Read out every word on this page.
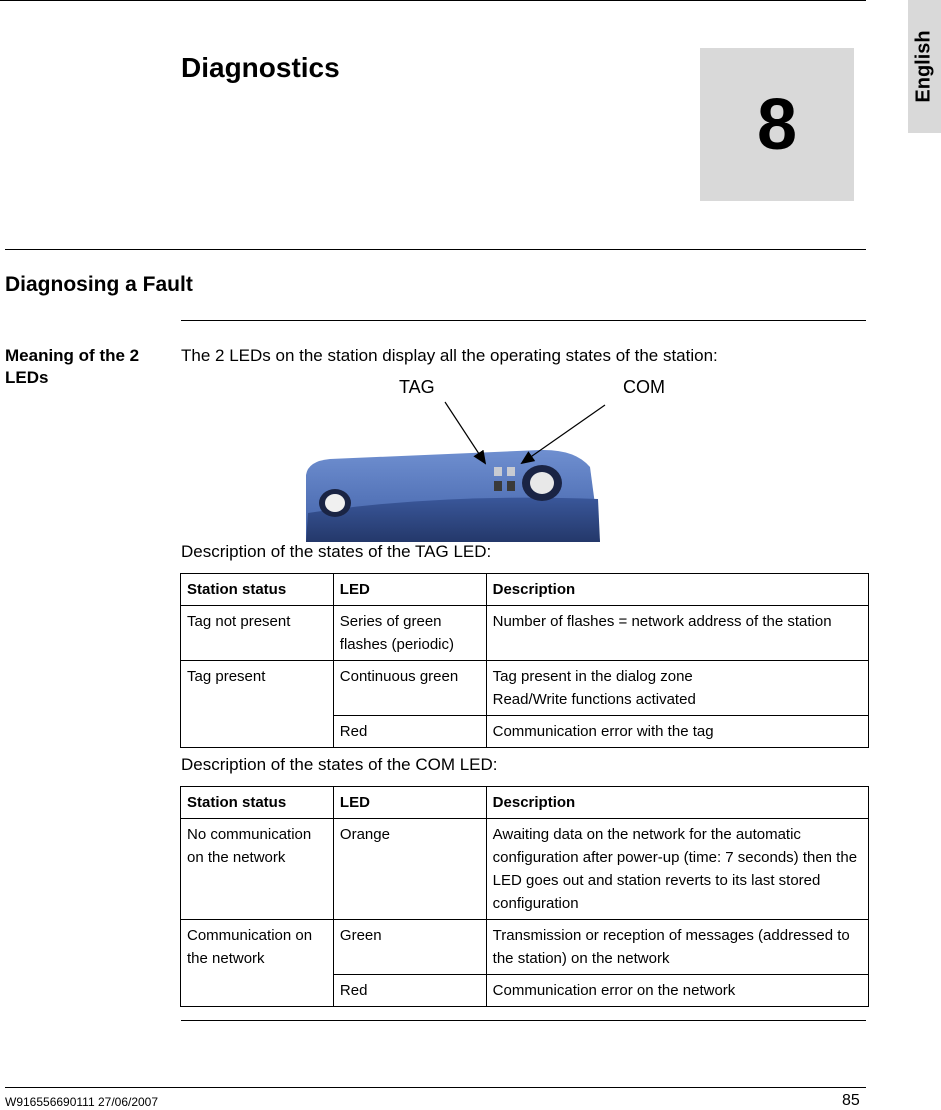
English
Diagnostics
8
Diagnosing a Fault
Meaning of the 2 LEDs
The 2 LEDs on the station display all the operating states of the station:
TAG	COM
Description of the states of the TAG LED:
Station status	LED	Description
Tag not present	Series of green flashes (periodic)	Number of flashes = network address of the station
Tag present	Continuous green	Tag present in the dialog zone
Read/Write functions activated
	Red	Communication error with the tag
Description of the states of the COM LED:
Station status	LED	Description
No communication on the network	Orange	Awaiting data on the network for the automatic configuration after power-up (time: 7 seconds) then the LED goes out and station reverts to its last stored configuration
Communication on the network	Green	Transmission or reception of messages (addressed to the station) on the network
	Red	Communication error on the network
W916556690111 27/06/2007	85
